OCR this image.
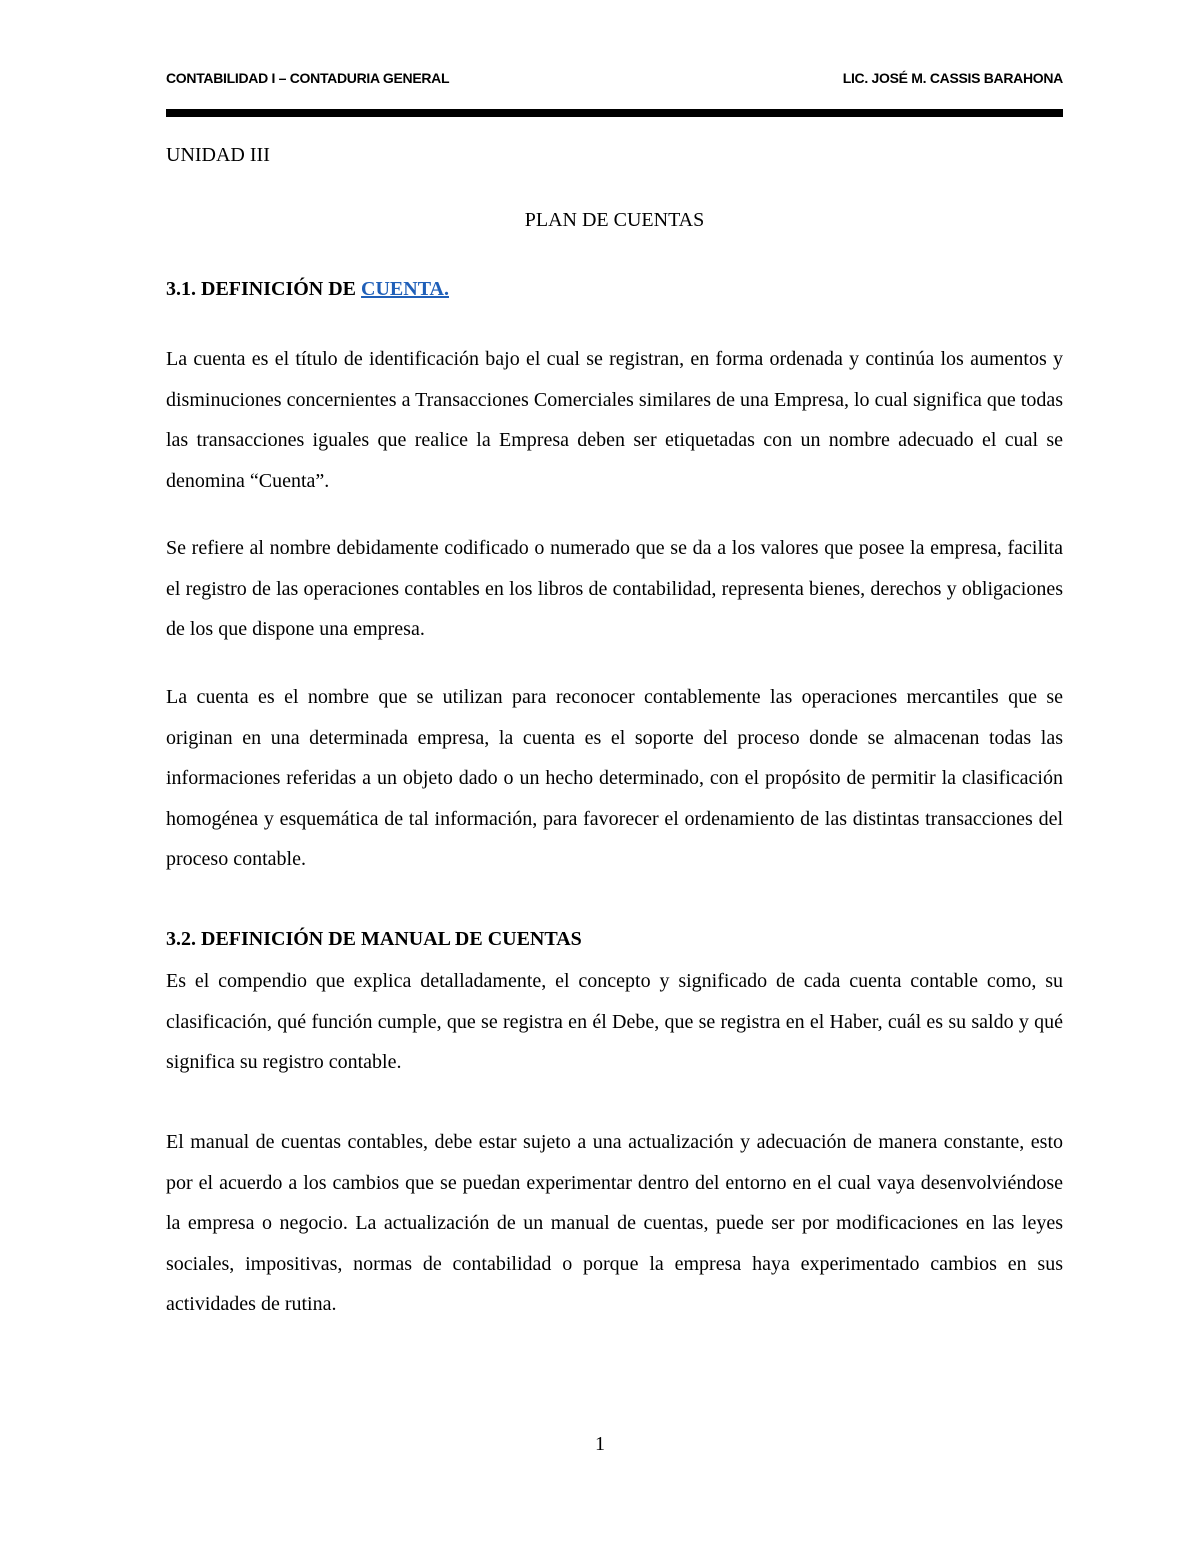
CONTABILIDAD I – CONTADURIA GENERAL	LIC. JOSÉ M. CASSIS BARAHONA
UNIDAD III
PLAN DE CUENTAS
3.1. DEFINICIÓN DE CUENTA.

La cuenta es el título de identificación bajo el cual se registran, en forma ordenada y continúa los aumentos y disminuciones concernientes a Transacciones Comerciales similares de una Empresa, lo cual significa que todas las transacciones iguales que realice la Empresa deben ser etiquetadas con un nombre adecuado el cual se denomina “Cuenta”.

Se refiere al nombre debidamente codificado o numerado que se da a los valores que posee la empresa, facilita el registro de las operaciones contables en los libros de contabilidad, representa bienes, derechos y obligaciones de los que dispone una empresa.

La cuenta es el nombre que se utilizan para reconocer contablemente las operaciones mercantiles que se originan en una determinada empresa, la cuenta es el soporte del proceso donde se almacenan todas las informaciones referidas a un objeto dado o un hecho determinado, con el propósito de permitir la clasificación homogénea y esquemática de tal información, para favorecer el ordenamiento de las distintas transacciones del proceso contable.

3.2. DEFINICIÓN DE MANUAL DE CUENTAS

Es el compendio que explica detalladamente, el concepto y significado de cada cuenta contable como, su clasificación, qué función cumple, que se registra en él Debe, que se registra en el Haber, cuál es su saldo y qué significa su registro contable.

El manual de cuentas contables, debe estar sujeto a una actualización y adecuación de manera constante, esto por el acuerdo a los cambios que se puedan experimentar dentro del entorno en el cual vaya desenvolviéndose la empresa o negocio. La actualización de un manual de cuentas, puede ser por modificaciones en las leyes sociales, impositivas, normas de contabilidad o porque la empresa haya experimentado cambios en sus actividades de rutina.

1
